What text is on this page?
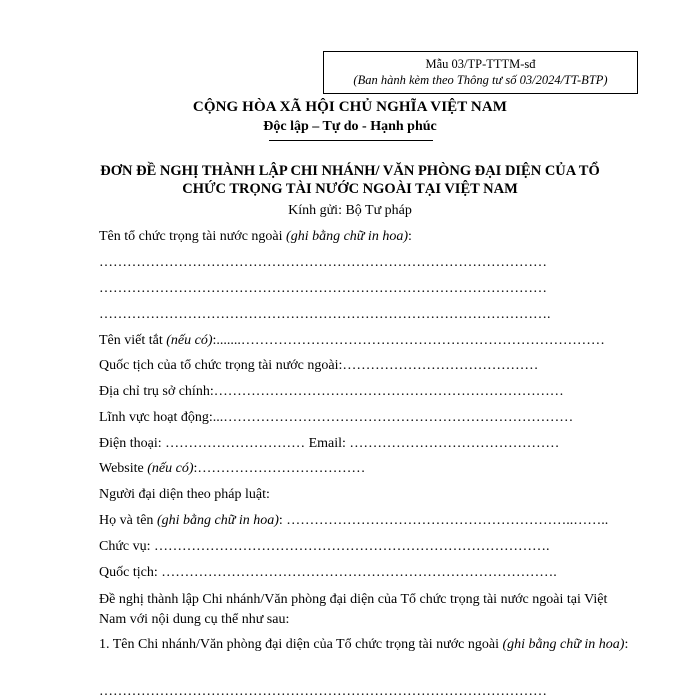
Mẫu 03/TP-TTTM-sđ
(Ban hành kèm theo Thông tư số 03/2024/TT-BTP)
CỘNG HÒA XÃ HỘI CHỦ NGHĨA VIỆT NAM
Độc lập – Tự do - Hạnh phúc
ĐƠN ĐỀ NGHỊ THÀNH LẬP CHI NHÁNH/ VĂN PHÒNG ĐẠI DIỆN CỦA TỔ
CHỨC TRỌNG TÀI NƯỚC NGOÀI TẠI VIỆT NAM
Kính gửi: Bộ Tư pháp
Tên tổ chức trọng tài nước ngoài (ghi bằng chữ in hoa):
……………………………………………………………………………………
……………………………………………………………………………………
…………………………………………………………………………………….
Tên viết tắt (nếu có):.......……………………………………………………………………
Quốc tịch của tổ chức trọng tài nước ngoài:……………………………………
Địa chỉ trụ sở chính:…………………………………………………………………
Lĩnh vực hoạt động:...…………………………………………………………………
Điện thoại: ………………………… Email: ………………………………………
Website (nếu có):………………………………
Người đại diện theo pháp luật:
Họ và tên (ghi bằng chữ in hoa): ……………………………………………………..……..
Chức vụ: ………………………………………………………………………….
Quốc tịch: ………………………………………………………………………….
Đề nghị thành lập Chi nhánh/Văn phòng đại diện của Tổ chức trọng tài nước ngoài tại Việt Nam với nội dung cụ thể như sau:
1. Tên Chi nhánh/Văn phòng đại diện của Tổ chức trọng tài nước ngoài (ghi bằng chữ in hoa):
……………………………………………………………………………………
